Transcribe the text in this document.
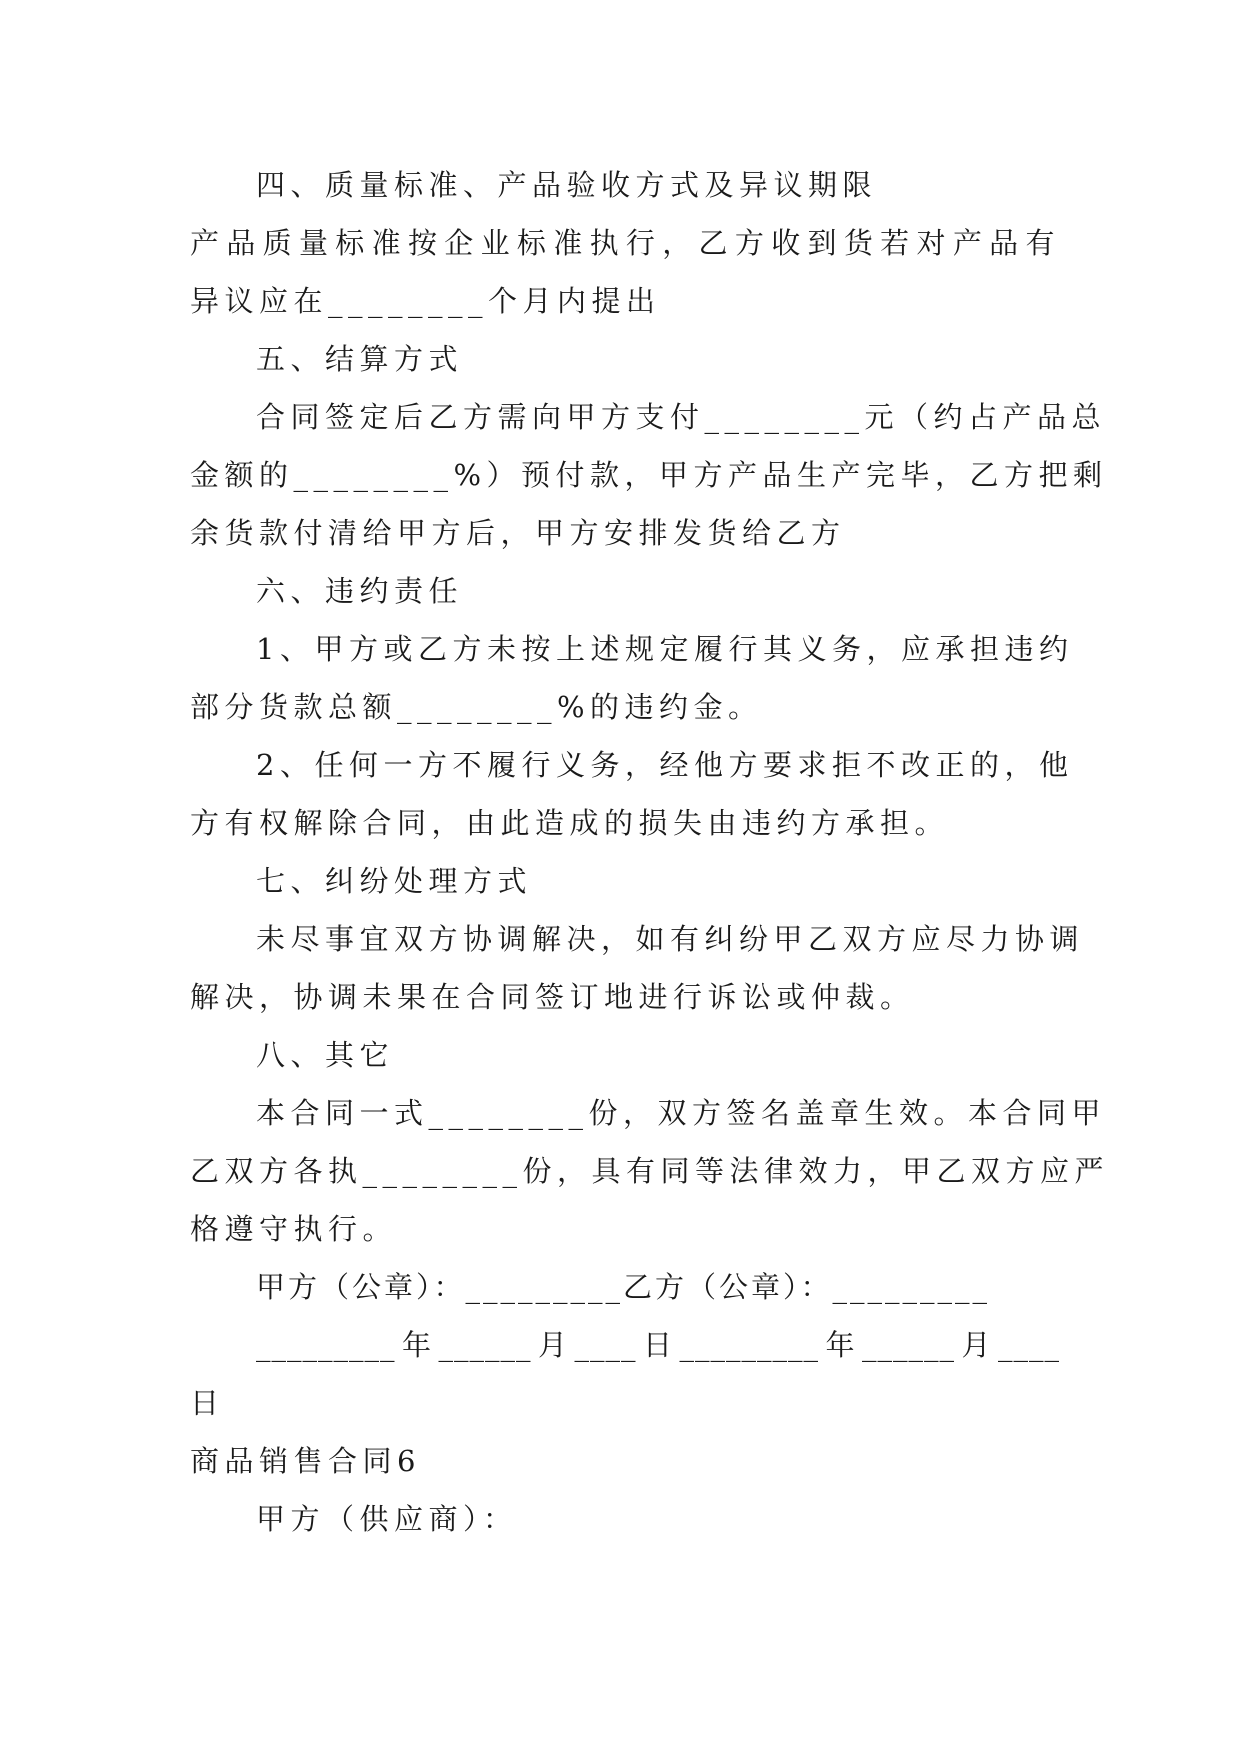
四、质量标准、产品验收方式及异议期限

产品质量标准按企业标准执行，乙方收到货若对产品有

异议应在________个月内提出

五、结算方式

合同签定后乙方需向甲方支付________元（约占产品总

金额的________%）预付款，甲方产品生产完毕，乙方把剩

余货款付清给甲方后，甲方安排发货给乙方

六、违约责任

1、甲方或乙方未按上述规定履行其义务，应承担违约

部分货款总额________%的违约金。

2、任何一方不履行义务，经他方要求拒不改正的，他

方有权解除合同，由此造成的损失由违约方承担。

七、纠纷处理方式

未尽事宜双方协调解决，如有纠纷甲乙双方应尽力协调

解决，协调未果在合同签订地进行诉讼或仲裁。

八、其它

本合同一式________份，双方签名盖章生效。本合同甲

乙双方各执________份，具有同等法律效力，甲乙双方应严

格遵守执行。

甲方（公章）：_________乙方（公章）：_________

_________年______月____日_________年______月____

日

商品销售合同6

甲方（供应商）：
